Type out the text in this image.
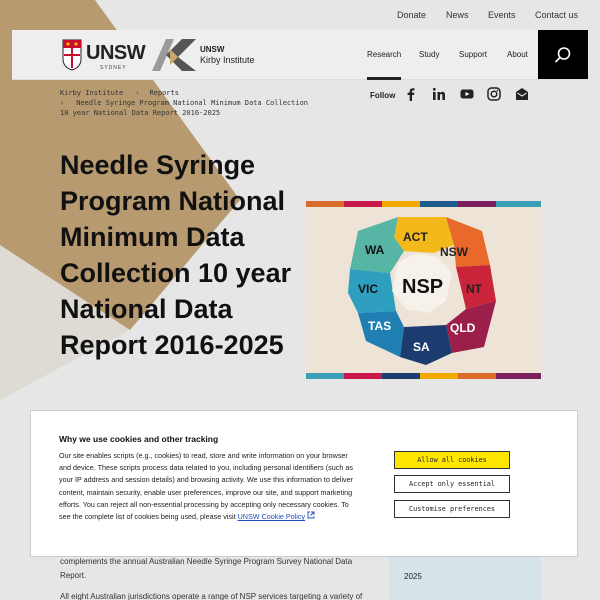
Donate News Events Contact us
UNSW
SYDNEY
UNSW
Kirby Institute
Research Study Support About
Kirby Institute › Reports
› Needle Syringe Program National Minimum Data Collection 10 year National Data Report 2016-2025
Follow
Needle Syringe Program National Minimum Data Collection 10 year National Data Report 2016-2025
NSP
ACT
NSW
NT
QLD
SA
TAS
VIC
WA

complements the annual Australian Needle Syringe Program Survey National Data Report.

All eight Australian jurisdictions operate a range of NSP services targeting a variety of

2025
Why we use cookies and other tracking

Our site enables scripts (e.g., cookies) to read, store and write information on your browser and device. These scripts process data related to you, including personal identifiers (such as your IP address and session details) and browsing activity. We use this information to deliver content, maintain security, enable user preferences, improve our site, and support marketing efforts. You can reject all non-essential processing by accepting only necessary cookies. To see the complete list of cookies being used, please visit UNSW Cookie Policy

Allow all cookies
Accept only essential
Customise preferences
